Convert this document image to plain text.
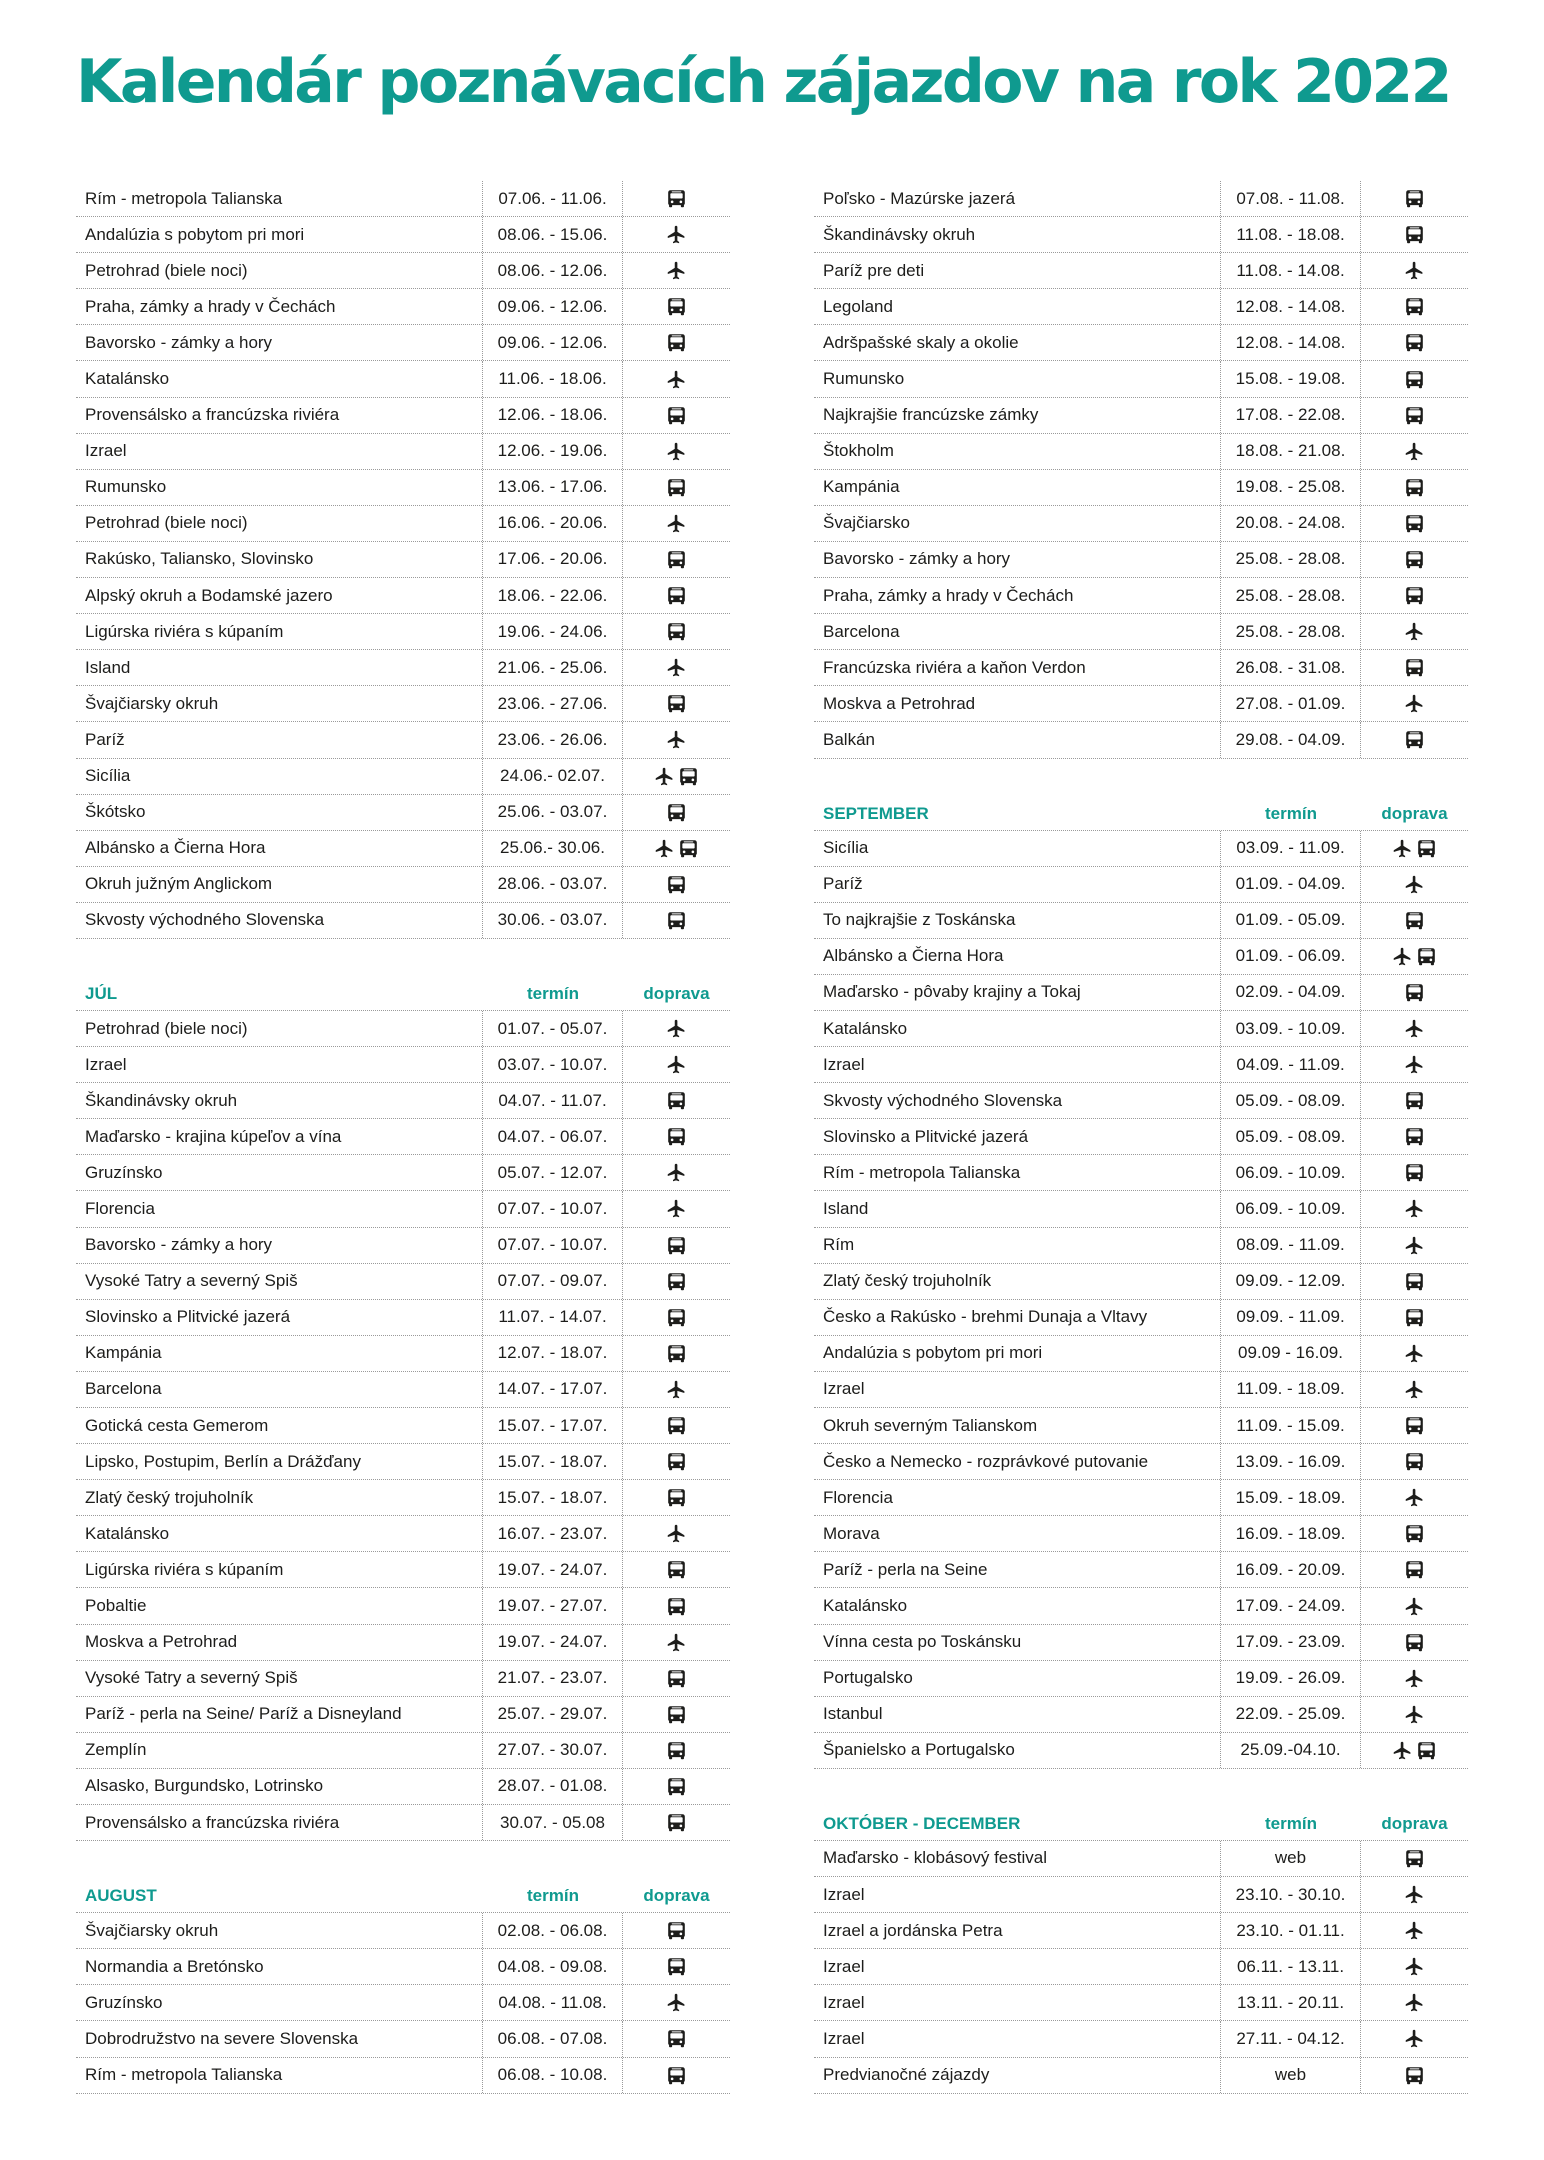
Kalendár poznávacích zájazdov na rok 2022
Rím - metropola Talianska	07.06. - 11.06.
Andalúzia s pobytom pri mori	08.06. - 15.06.
Petrohrad (biele noci)	08.06. - 12.06.
Praha, zámky a hrady v Čechách	09.06. - 12.06.
Bavorsko - zámky a hory	09.06. - 12.06.
Katalánsko	11.06. - 18.06.
Provensálsko a francúzska riviéra	12.06. - 18.06.
Izrael	12.06. - 19.06.
Rumunsko	13.06. - 17.06.
Petrohrad (biele noci)	16.06. - 20.06.
Rakúsko, Taliansko, Slovinsko	17.06. - 20.06.
Alpský okruh a Bodamské jazero	18.06. - 22.06.
Ligúrska riviéra s kúpaním	19.06. - 24.06.
Island	21.06. - 25.06.
Švajčiarsky okruh	23.06. - 27.06.
Paríž	23.06. - 26.06.
Sicília	24.06.- 02.07.
Škótsko	25.06. - 03.07.
Albánsko a Čierna Hora	25.06.- 30.06.
Okruh južným Anglickom	28.06. - 03.07.
Skvosty východného Slovenska	30.06. - 03.07.
JÚL	termín	doprava
Petrohrad (biele noci)	01.07. - 05.07.
Izrael	03.07. - 10.07.
Škandinávsky okruh	04.07. - 11.07.
Maďarsko - krajina kúpeľov a vína	04.07. - 06.07.
Gruzínsko	05.07. - 12.07.
Florencia	07.07. - 10.07.
Bavorsko - zámky a hory	07.07. - 10.07.
Vysoké Tatry a severný Spiš	07.07. - 09.07.
Slovinsko a Plitvické jazerá	11.07. - 14.07.
Kampánia	12.07. - 18.07.
Barcelona	14.07. - 17.07.
Gotická cesta Gemerom	15.07. - 17.07.
Lipsko, Postupim, Berlín a Drážďany	15.07. - 18.07.
Zlatý český trojuholník	15.07. - 18.07.
Katalánsko	16.07. - 23.07.
Ligúrska riviéra s kúpaním	19.07. - 24.07.
Pobaltie	19.07. - 27.07.
Moskva a Petrohrad	19.07. - 24.07.
Vysoké Tatry a severný Spiš	21.07. - 23.07.
Paríž - perla na Seine/ Paríž a Disneyland	25.07. - 29.07.
Zemplín	27.07. - 30.07.
Alsasko, Burgundsko, Lotrinsko	28.07. - 01.08.
Provensálsko a francúzska riviéra	30.07. - 05.08
AUGUST	termín	doprava
Švajčiarsky okruh	02.08. - 06.08.
Normandia a Bretónsko	04.08. - 09.08.
Gruzínsko	04.08. - 11.08.
Dobrodružstvo na severe Slovenska	06.08. - 07.08.
Rím - metropola Talianska	06.08. - 10.08.
Poľsko - Mazúrske jazerá	07.08. - 11.08.
Škandinávsky okruh	11.08. - 18.08.
Paríž pre deti	11.08. - 14.08.
Legoland	12.08. - 14.08.
Adršpašské skaly a okolie	12.08. - 14.08.
Rumunsko	15.08. - 19.08.
Najkrajšie francúzske zámky	17.08. - 22.08.
Štokholm	18.08. - 21.08.
Kampánia	19.08. - 25.08.
Švajčiarsko	20.08. - 24.08.
Bavorsko - zámky a hory	25.08. - 28.08.
Praha, zámky a hrady v Čechách	25.08. - 28.08.
Barcelona	25.08. - 28.08.
Francúzska riviéra a kaňon Verdon	26.08. - 31.08.
Moskva a Petrohrad	27.08. - 01.09.
Balkán	29.08. - 04.09.
SEPTEMBER	termín	doprava
Sicília	03.09. - 11.09.
Paríž	01.09. - 04.09.
To najkrajšie z Toskánska	01.09. - 05.09.
Albánsko a Čierna Hora	01.09. - 06.09.
Maďarsko - pôvaby krajiny a Tokaj	02.09. - 04.09.
Katalánsko	03.09. - 10.09.
Izrael	04.09. - 11.09.
Skvosty východného Slovenska	05.09. - 08.09.
Slovinsko a Plitvické jazerá	05.09. - 08.09.
Rím - metropola Talianska	06.09. - 10.09.
Island	06.09. - 10.09.
Rím	08.09. - 11.09.
Zlatý český trojuholník	09.09. - 12.09.
Česko a Rakúsko - brehmi Dunaja a Vltavy	09.09. - 11.09.
Andalúzia s pobytom pri mori	09.09 - 16.09.
Izrael	11.09. - 18.09.
Okruh severným Talianskom	11.09. - 15.09.
Česko a Nemecko - rozprávkové putovanie	13.09. - 16.09.
Florencia	15.09. - 18.09.
Morava	16.09. - 18.09.
Paríž - perla na Seine	16.09. - 20.09.
Katalánsko	17.09. - 24.09.
Vínna cesta po Toskánsku	17.09. - 23.09.
Portugalsko	19.09. - 26.09.
Istanbul	22.09. - 25.09.
Španielsko a Portugalsko	25.09.-04.10.
OKTÓBER - DECEMBER	termín	doprava
Maďarsko - klobásový festival	web
Izrael	23.10. - 30.10.
Izrael a jordánska Petra	23.10. - 01.11.
Izrael	06.11. - 13.11.
Izrael	13.11. - 20.11.
Izrael	27.11. - 04.12.
Predvianočné zájazdy	web
